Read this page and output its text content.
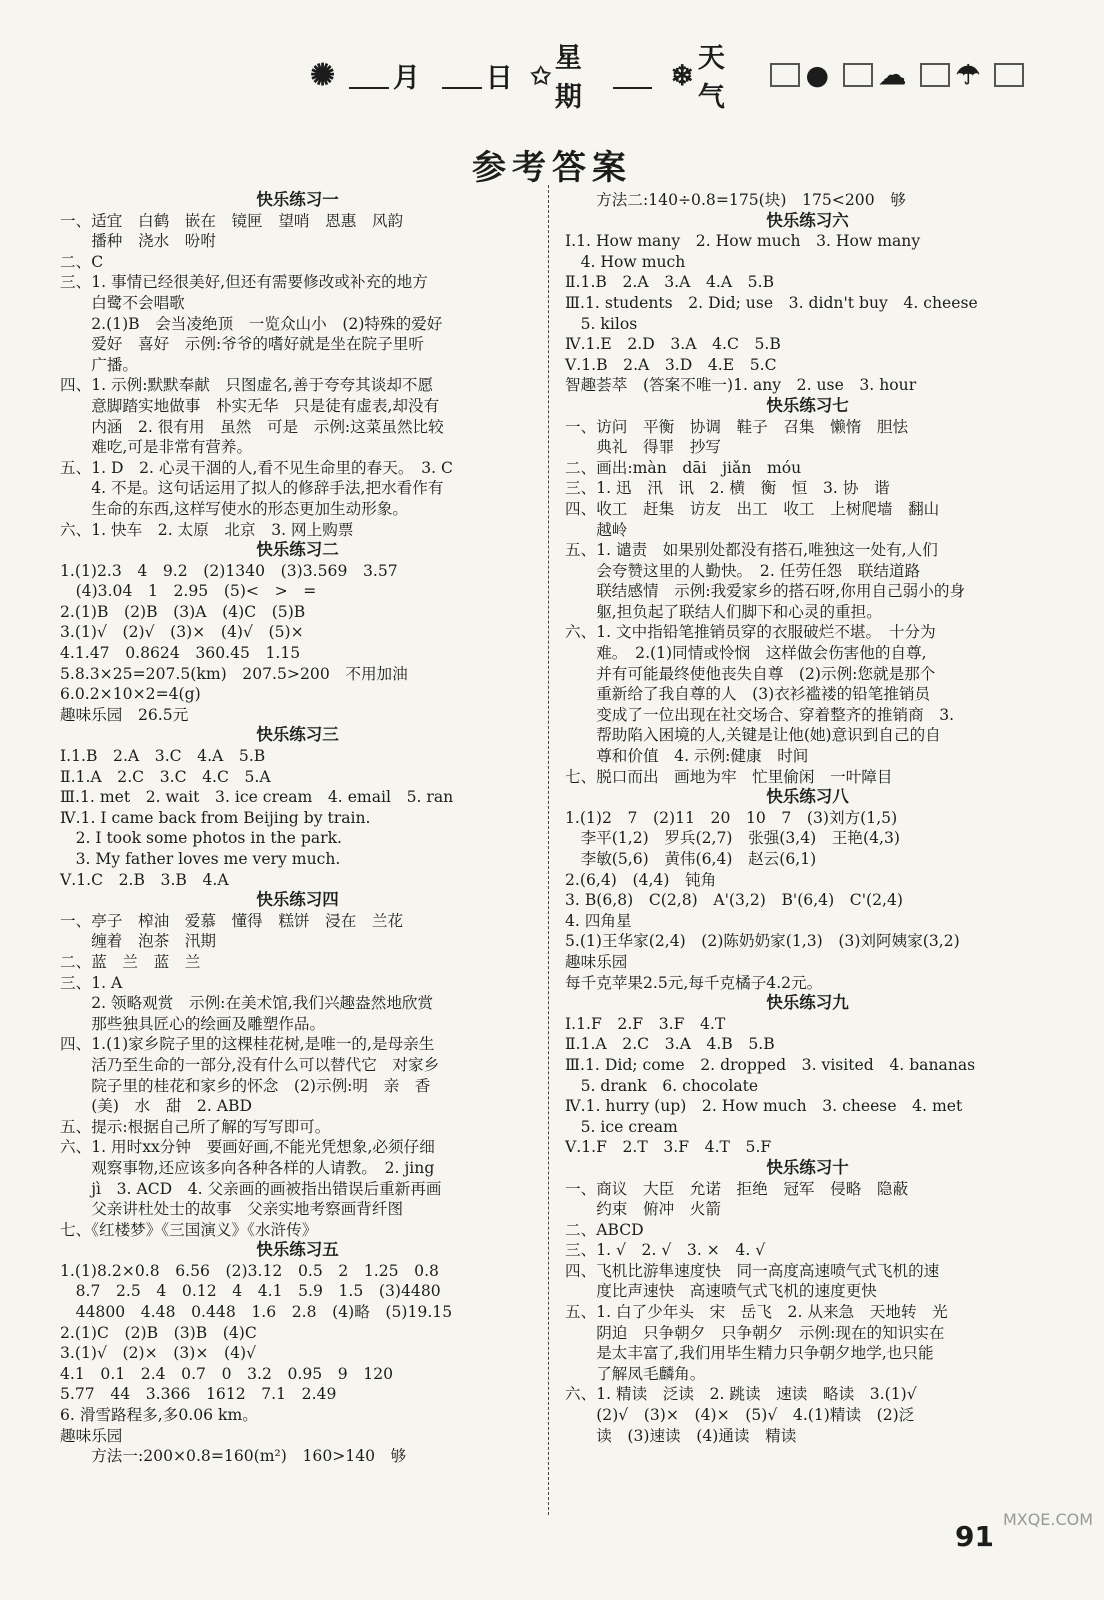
✺ 月 日 ✩
星期
❄ 天气
● ☁ ☂
参考答案
快乐练习一
一、适宜　白鹤　嵌在　镜匣　望哨　恩惠　风韵
　　播种　浇水　吩咐
二、C
三、1. 事情已经很美好,但还有需要修改或补充的地方
　　白鹭不会唱歌
　　2.(1)B　会当凌绝顶　一览众山小　(2)特殊的爱好
　　爱好　喜好　示例:爷爷的嗜好就是坐在院子里听
　　广播。
四、1. 示例:默默奉献　只图虚名,善于夸夸其谈却不愿
　　意脚踏实地做事　朴实无华　只是徒有虚表,却没有
　　内涵　2. 很有用　虽然　可是　示例:这菜虽然比较
　　难吃,可是非常有营养。
五、1. D　2. 心灵干涸的人,看不见生命里的春天。　3. C
　　4. 不是。这句话运用了拟人的修辞手法,把水看作有
　　生命的东西,这样写使水的形态更加生动形象。
六、1. 快车　2. 太原　北京　3. 网上购票
快乐练习二
1.(1)2.3　4　9.2　(2)1340　(3)3.569　3.57
　(4)3.04　1　2.95　(5)<　>　=
2.(1)B　(2)B　(3)A　(4)C　(5)B
3.(1)√　(2)√　(3)×　(4)√　(5)×
4.1.47　0.8624　360.45　1.15
5.8.3×25=207.5(km)　207.5>200　不用加油
6.0.2×10×2=4(g)
趣味乐园　26.5元
快乐练习三
Ⅰ.1.B　2.A　3.C　4.A　5.B
Ⅱ.1.A　2.C　3.C　4.C　5.A
Ⅲ.1. met　2. wait　3. ice cream　4. email　5. ran
Ⅳ.1. I came back from Beijing by train.
　2. I took some photos in the park.
　3. My father loves me very much.
Ⅴ.1.C　2.B　3.B　4.A
快乐练习四
一、亭子　榨油　爱慕　懂得　糕饼　浸在　兰花
　　缠着　泡茶　汛期
二、蓝　兰　蓝　兰
三、1. A
　　2. 领略观赏　示例:在美术馆,我们兴趣盎然地欣赏
　　那些独具匠心的绘画及雕塑作品。
四、1.(1)家乡院子里的这棵桂花树,是唯一的,是母亲生
　　活乃至生命的一部分,没有什么可以替代它　对家乡
　　院子里的桂花和家乡的怀念　(2)示例:明　亲　香
　　(美)　水　甜　2. ABD
五、提示:根据自己所了解的写写即可。
六、1. 用时xx分钟　要画好画,不能光凭想象,必须仔细
　　观察事物,还应该多向各种各样的人请教。　2. jing
　　jì　3. ACD　4. 父亲画的画被指出错误后重新再画
　　父亲讲杜处士的故事　父亲实地考察画背纤图
七、《红楼梦》《三国演义》《水浒传》
快乐练习五
1.(1)8.2×0.8　6.56　(2)3.12　0.5　2　1.25　0.8
　8.7　2.5　4　0.12　4　4.1　5.9　1.5　(3)4480
　44800　4.48　0.448　1.6　2.8　(4)略　(5)19.15
2.(1)C　(2)B　(3)B　(4)C
3.(1)√　(2)×　(3)×　(4)√
4.1　0.1　2.4　0.7　0　3.2　0.95　9　120
5.77　44　3.366　1612　7.1　2.49
6. 滑雪路程多,多0.06 km。
趣味乐园
　　方法一:200×0.8=160(m²)　160>140　够
　　方法二:140÷0.8=175(块)　175<200　够
快乐练习六
Ⅰ.1. How many　2. How much　3. How many
　4. How much
Ⅱ.1.B　2.A　3.A　4.A　5.B
Ⅲ.1. students　2. Did; use　3. didn't buy　4. cheese
　5. kilos
Ⅳ.1.E　2.D　3.A　4.C　5.B
Ⅴ.1.B　2.A　3.D　4.E　5.C
智趣荟萃　(答案不唯一)1. any　2. use　3. hour
快乐练习七
一、访问　平衡　协调　鞋子　召集　懒惰　胆怯
　　典礼　得罪　抄写
二、画出:màn　dāi　jiǎn　móu
三、1. 迅　汛　讯　2. 横　衡　恒　3. 协　谐
四、收工　赶集　访友　出工　收工　上树爬墙　翻山
　　越岭
五、1. 谴责　如果别处都没有搭石,唯独这一处有,人们
　　会夸赞这里的人勤快。　2. 任劳任怨　联结道路
　　联结感情　示例:我爱家乡的搭石呀,你用自己弱小的身
　　躯,担负起了联结人们脚下和心灵的重担。
六、1. 文中指铅笔推销员穿的衣服破烂不堪。　十分为
　　难。　2.(1)同情或怜悯　这样做会伤害他的自尊,
　　并有可能最终使他丧失自尊　(2)示例:您就是那个
　　重新给了我自尊的人　(3)衣衫褴褛的铅笔推销员
　　变成了一位出现在社交场合、穿着整齐的推销商　3.
　　帮助陷入困境的人,关键是让他(她)意识到自己的自
　　尊和价值　4. 示例:健康　时间
七、脱口而出　画地为牢　忙里偷闲　一叶障目
快乐练习八
1.(1)2　7　(2)11　20　10　7　(3)刘方(1,5)
　李平(1,2)　罗兵(2,7)　张强(3,4)　王艳(4,3)
　李敏(5,6)　黄伟(6,4)　赵云(6,1)
2.(6,4)　(4,4)　钝角
3. B(6,8)　C(2,8)　A'(3,2)　B'(6,4)　C'(2,4)
4. 四角星
5.(1)王华家(2,4)　(2)陈奶奶家(1,3)　(3)刘阿姨家(3,2)
趣味乐园
每千克苹果2.5元,每千克橘子4.2元。
快乐练习九
Ⅰ.1.F　2.F　3.F　4.T
Ⅱ.1.A　2.C　3.A　4.B　5.B
Ⅲ.1. Did; come　2. dropped　3. visited　4. bananas
　5. drank　6. chocolate
Ⅳ.1. hurry (up)　2. How much　3. cheese　4. met
　5. ice cream
Ⅴ.1.F　2.T　3.F　4.T　5.F
快乐练习十
一、商议　大臣　允诺　拒绝　冠军　侵略　隐蔽
　　约束　俯冲　火箭
二、ABCD
三、1. √　2. √　3. ×　4. √
四、飞机比游隼速度快　同一高度高速喷气式飞机的速
　　度比声速快　高速喷气式飞机的速度更快
五、1. 白了少年头　宋　岳飞　2. 从来急　天地转　光
　　阴迫　只争朝夕　只争朝夕　示例:现在的知识实在
　　是太丰富了,我们用毕生精力只争朝夕地学,也只能
　　了解凤毛麟角。
六、1. 精读　泛读　2. 跳读　速读　略读　3.(1)√
　　(2)√　(3)×　(4)×　(5)√　4.(1)精读　(2)泛
　　读　(3)速读　(4)通读　精读
91
MXQE.COM
